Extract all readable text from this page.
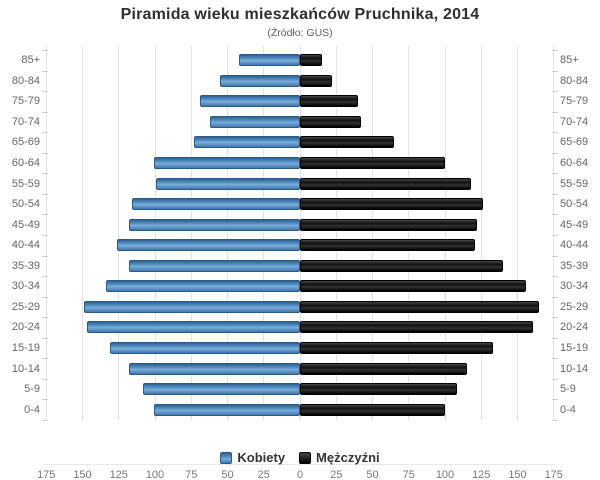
Piramida wieku mieszkańców Pruchnika, 2014
(Źródło: GUS)
175	150	125	100	75	50	25	0	25	50	75	100	125	150	175
85+	85+
80-84	80-84
75-79	75-79
70-74	70-74
65-69	65-69
60-64	60-64
55-59	55-59
50-54	50-54
45-49	45-49
40-44	40-44
35-39	35-39
30-34	30-34
25-29	25-29
20-24	20-24
15-19	15-19
10-14	10-14
5-9	5-9
0-4	0-4
Kobiety Mężczyźni
